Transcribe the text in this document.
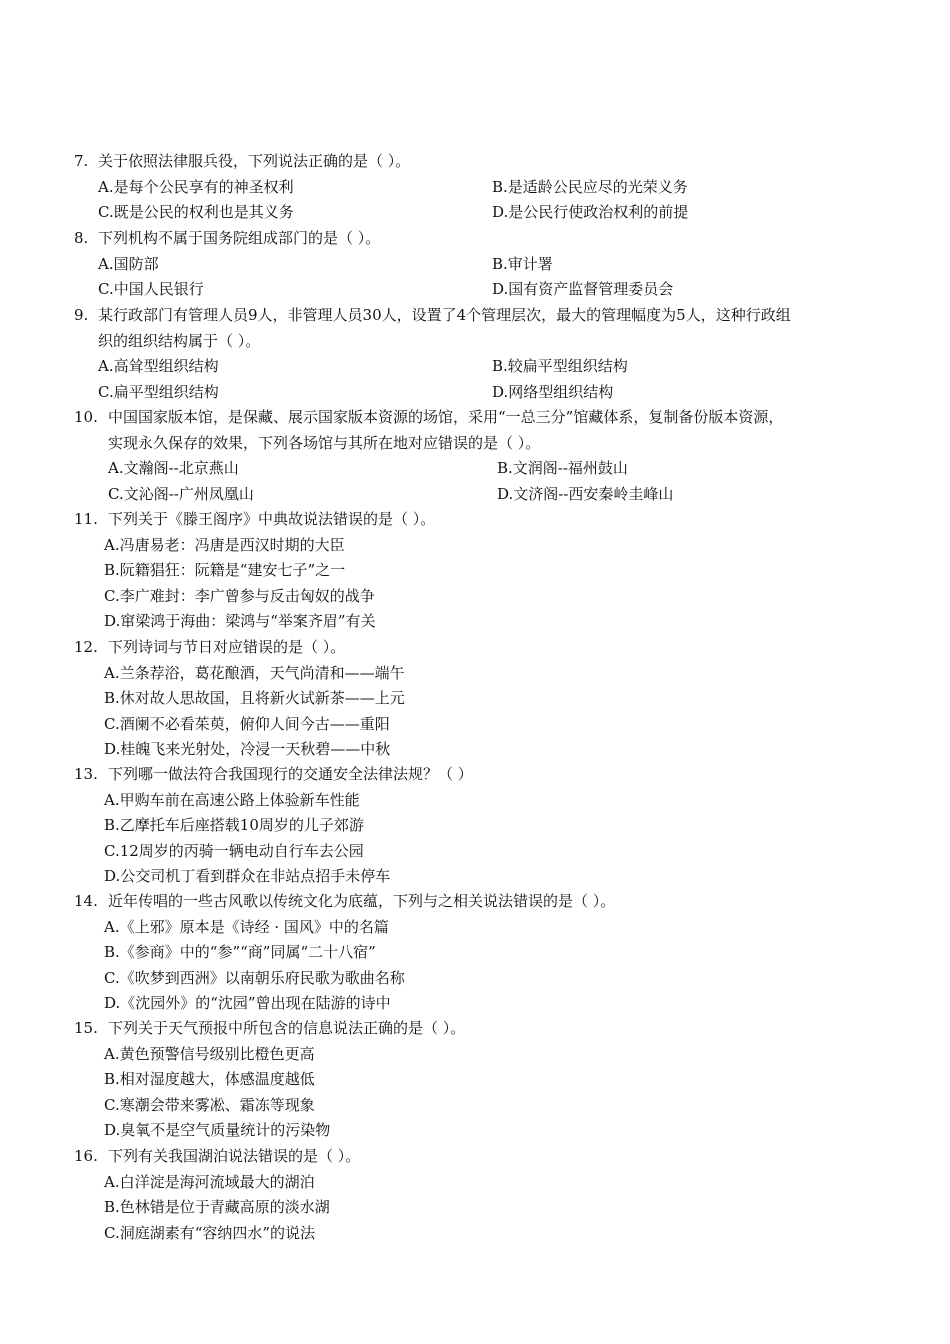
7. 关于依照法律服兵役，下列说法正确的是（ ）。
A.是每个公民享有的神圣权利	B.是适龄公民应尽的光荣义务
C.既是公民的权利也是其义务	D.是公民行使政治权利的前提
8. 下列机构不属于国务院组成部门的是（ ）。
A.国防部	B.审计署
C.中国人民银行	D.国有资产监督管理委员会
9. 某行政部门有管理人员9人，非管理人员30人，设置了4个管理层次，最大的管理幅度为5人，这种行政组
织的组织结构属于（ ）。
A.高耸型组织结构	B.较扁平型组织结构
C.扁平型组织结构	D.网络型组织结构
10. 中国国家版本馆，是保藏、展示国家版本资源的场馆，采用“一总三分”馆藏体系，复制备份版本资源，
实现永久保存的效果，下列各场馆与其所在地对应错误的是（ ）。
A.文瀚阁--北京燕山	B.文润阁--福州鼓山
C.文沁阁--广州凤凰山	D.文济阁--西安秦岭圭峰山
11. 下列关于《滕王阁序》中典故说法错误的是（ ）。
A.冯唐易老：冯唐是西汉时期的大臣
B.阮籍猖狂：阮籍是“建安七子”之一
C.李广难封：李广曾参与反击匈奴的战争
D.窜梁鸿于海曲：梁鸿与“举案齐眉”有关
12. 下列诗词与节日对应错误的是（ ）。
A.兰条荐浴，葛花酿酒，天气尚清和——端午
B.休对故人思故国，且将新火试新茶——上元
C.酒阑不必看茱萸，俯仰人间今古——重阳
D.桂魄飞来光射处，冷浸一天秋碧——中秋
13. 下列哪一做法符合我国现行的交通安全法律法规？（ ）
A.甲购车前在高速公路上体验新车性能
B.乙摩托车后座搭载10周岁的儿子郊游
C.12周岁的丙骑一辆电动自行车去公园
D.公交司机丁看到群众在非站点招手未停车
14. 近年传唱的一些古风歌以传统文化为底蕴，下列与之相关说法错误的是（ ）。
A.《上邪》原本是《诗经 · 国风》中的名篇
B.《参商》中的“参”“商”同属“二十八宿”
C.《吹梦到西洲》以南朝乐府民歌为歌曲名称
D.《沈园外》的“沈园”曾出现在陆游的诗中
15. 下列关于天气预报中所包含的信息说法正确的是（ ）。
A.黄色预警信号级别比橙色更高
B.相对湿度越大，体感温度越低
C.寒潮会带来雾凇、霜冻等现象
D.臭氧不是空气质量统计的污染物
16. 下列有关我国湖泊说法错误的是（ ）。
A.白洋淀是海河流域最大的湖泊
B.色林错是位于青藏高原的淡水湖
C.洞庭湖素有“容纳四水”的说法
